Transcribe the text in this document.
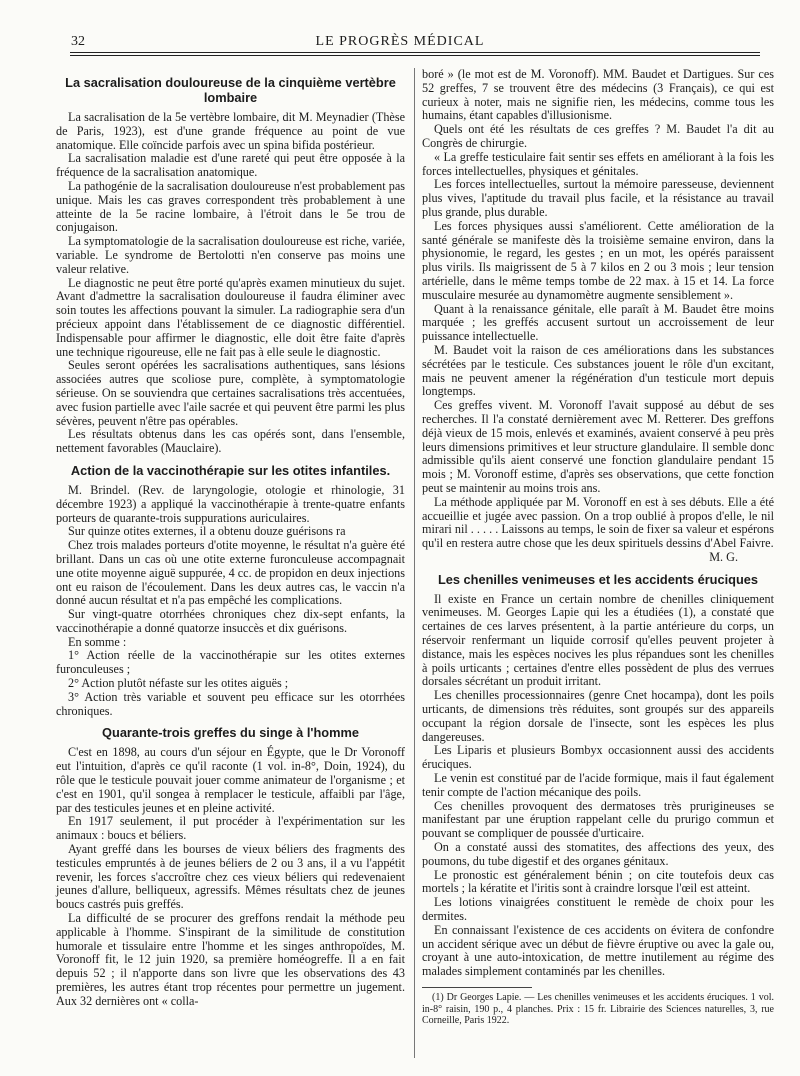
32	LE PROGRÈS MÉDICAL
La sacralisation douloureuse de la cinquième vertèbre lombaire

La sacralisation de la 5e vertèbre lombaire, dit M. Meynadier (Thèse de Paris, 1923), est d'une grande fréquence au point de vue anatomique. Elle coïncide parfois avec un spina bifida postérieur.

La sacralisation maladie est d'une rareté qui peut être opposée à la fréquence de la sacralisation anatomique.

La pathogénie de la sacralisation douloureuse n'est probablement pas unique. Mais les cas graves correspondent très probablement à une atteinte de la 5e racine lombaire, à l'étroit dans le 5e trou de conjugaison.

La symptomatologie de la sacralisation douloureuse est riche, variée, variable. Le syndrome de Bertolotti n'en conserve pas moins une valeur relative.

Le diagnostic ne peut être porté qu'après examen minutieux du sujet. Avant d'admettre la sacralisation douloureuse il faudra éliminer avec soin toutes les affections pouvant la simuler. La radiographie sera d'un précieux appoint dans l'établissement de ce diagnostic différentiel. Indispensable pour affirmer le diagnostic, elle doit être faite d'après une technique rigoureuse, elle ne fait pas à elle seule le diagnostic.

Seules seront opérées les sacralisations authentiques, sans lésions associées autres que scoliose pure, complète, à symptomatologie sérieuse. On se souviendra que certaines sacralisations très accentuées, avec fusion partielle avec l'aile sacrée et qui peuvent être parmi les plus sévères, peuvent n'être pas opérables.

Les résultats obtenus dans les cas opérés sont, dans l'ensemble, nettement favorables (Mauclaire).

Action de la vaccinothérapie sur les otites infantiles.

M. Brindel. (Rev. de laryngologie, otologie et rhinologie, 31 décembre 1923) a appliqué la vaccinothérapie à trente-quatre enfants porteurs de quarante-trois suppurations auriculaires.

Sur quinze otites externes, il a obtenu douze guérisons ra

Chez trois malades porteurs d'otite moyenne, le résultat n'a guère été brillant. Dans un cas où une otite externe furonculeuse accompagnait une otite moyenne aiguë suppurée, 4 cc. de propidon en deux injections ont eu raison de l'écoulement. Dans les deux autres cas, le vaccin n'a donné aucun résultat et n'a pas empêché les complications.

Sur vingt-quatre otorrhées chroniques chez dix-sept enfants, la vaccinothérapie a donné quatorze insuccès et dix guérisons.

En somme :

1° Action réelle de la vaccinothérapie sur les otites externes furonculeuses ;

2° Action plutôt néfaste sur les otites aiguës ;

3° Action très variable et souvent peu efficace sur les otorrhées chroniques.

Quarante-trois greffes du singe à l'homme

C'est en 1898, au cours d'un séjour en Égypte, que le Dr Voronoff eut l'intuition, d'après ce qu'il raconte (1 vol. in-8°, Doin, 1924), du rôle que le testicule pouvait jouer comme animateur de l'organisme ; et c'est en 1901, qu'il songea à remplacer le testicule, affaibli par l'âge, par des testicules jeunes et en pleine activité.

En 1917 seulement, il put procéder à l'expérimentation sur les animaux : boucs et béliers.

Ayant greffé dans les bourses de vieux béliers des fragments des testicules empruntés à de jeunes béliers de 2 ou 3 ans, il a vu l'appétit revenir, les forces s'accroître chez ces vieux béliers qui redevenaient jeunes d'allure, belliqueux, agressifs. Mêmes résultats chez de jeunes boucs castrés puis greffés.

La difficulté de se procurer des greffons rendait la méthode peu applicable à l'homme. S'inspirant de la similitude de constitution humorale et tissulaire entre l'homme et les singes anthropoïdes, M. Voronoff fit, le 12 juin 1920, sa première homéogreffe. Il a en fait depuis 52 ; il n'apporte dans son livre que les observations des 43 premières, les autres étant trop récentes pour permettre un jugement. Aux 32 dernières ont « colla-

boré » (le mot est de M. Voronoff). MM. Baudet et Dartigues. Sur ces 52 greffes, 7 se trouvent être des médecins (3 Français), ce qui est curieux à noter, mais ne signifie rien, les médecins, comme tous les humains, étant capables d'illusionisme.

Quels ont été les résultats de ces greffes ? M. Baudet l'a dit au Congrès de chirurgie.

« La greffe testiculaire fait sentir ses effets en améliorant à la fois les forces intellectuelles, physiques et génitales.

Les forces intellectuelles, surtout la mémoire paresseuse, deviennent plus vives, l'aptitude du travail plus facile, et la résistance au travail plus grande, plus durable.

Les forces physiques aussi s'améliorent. Cette amélioration de la santé générale se manifeste dès la troisième semaine environ, dans la physionomie, le regard, les gestes ; en un mot, les opérés paraissent plus virils. Ils maigrissent de 5 à 7 kilos en 2 ou 3 mois ; leur tension artérielle, dans le même temps tombe de 22 max. à 15 et 14. La force musculaire mesurée au dynamomètre augmente sensiblement ».

Quant à la renaissance génitale, elle paraît à M. Baudet être moins marquée ; les greffés accusent surtout un accroissement de leur puissance intellectuelle.

M. Baudet voit la raison de ces améliorations dans les substances sécrétées par le testicule. Ces substances jouent le rôle d'un excitant, mais ne peuvent amener la régénération d'un testicule mort depuis longtemps.

Ces greffes vivent. M. Voronoff l'avait supposé au début de ses recherches. Il l'a constaté dernièrement avec M. Retterer. Des greffons déjà vieux de 15 mois, enlevés et examinés, avaient conservé à peu près leurs dimensions primitives et leur structure glandulaire. Il semble donc admissible qu'ils aient conservé une fonction glandulaire pendant 15 mois ; M. Voronoff estime, d'après ses observations, que cette fonction peut se maintenir au moins trois ans.

La méthode appliquée par M. Voronoff en est à ses débuts. Elle a été accueillie et jugée avec passion. On a trop oublié à propos d'elle, le nil mirari nil . . . . . Laissons au temps, le soin de fixer sa valeur et espérons qu'il en restera autre chose que les deux spirituels dessins d'Abel Faivre.

M. G.

Les chenilles venimeuses et les accidents éruciques

Il existe en France un certain nombre de chenilles cliniquement venimeuses. M. Georges Lapie qui les a étudiées (1), a constaté que certaines de ces larves présentent, à la partie antérieure du corps, un réservoir renfermant un liquide corrosif qu'elles peuvent projeter à distance, mais les espèces nocives les plus répandues sont les chenilles à poils urticants ; certaines d'entre elles possèdent de plus des verrues dorsales sécrétant un produit irritant.

Les chenilles processionnaires (genre Cnet hocampa), dont les poils urticants, de dimensions très réduites, sont groupés sur des appareils occupant la région dorsale de l'insecte, sont les espèces les plus dangereuses.

Les Liparis et plusieurs Bombyx occasionnent aussi des accidents éruciques.

Le venin est constitué par de l'acide formique, mais il faut également tenir compte de l'action mécanique des poils.

Ces chenilles provoquent des dermatoses très prurigineuses se manifestant par une éruption rappelant celle du prurigo commun et pouvant se compliquer de poussée d'urticaire.

On a constaté aussi des stomatites, des affections des yeux, des poumons, du tube digestif et des organes génitaux.

Le pronostic est généralement bénin ; on cite toutefois deux cas mortels ; la kératite et l'iritis sont à craindre lorsque l'œil est atteint.

Les lotions vinaigrées constituent le remède de choix pour les dermites.

En connaissant l'existence de ces accidents on évitera de confondre un accident sérique avec un début de fièvre éruptive ou avec la gale ou, croyant à une auto-intoxication, de mettre inutilement au régime des malades simplement contaminés par les chenilles.

(1) Dr Georges Lapie. — Les chenilles venimeuses et les accidents éruciques. 1 vol. in-8° raisin, 190 p., 4 planches. Prix : 15 fr. Librairie des Sciences naturelles, 3, rue Corneille, Paris 1922.
